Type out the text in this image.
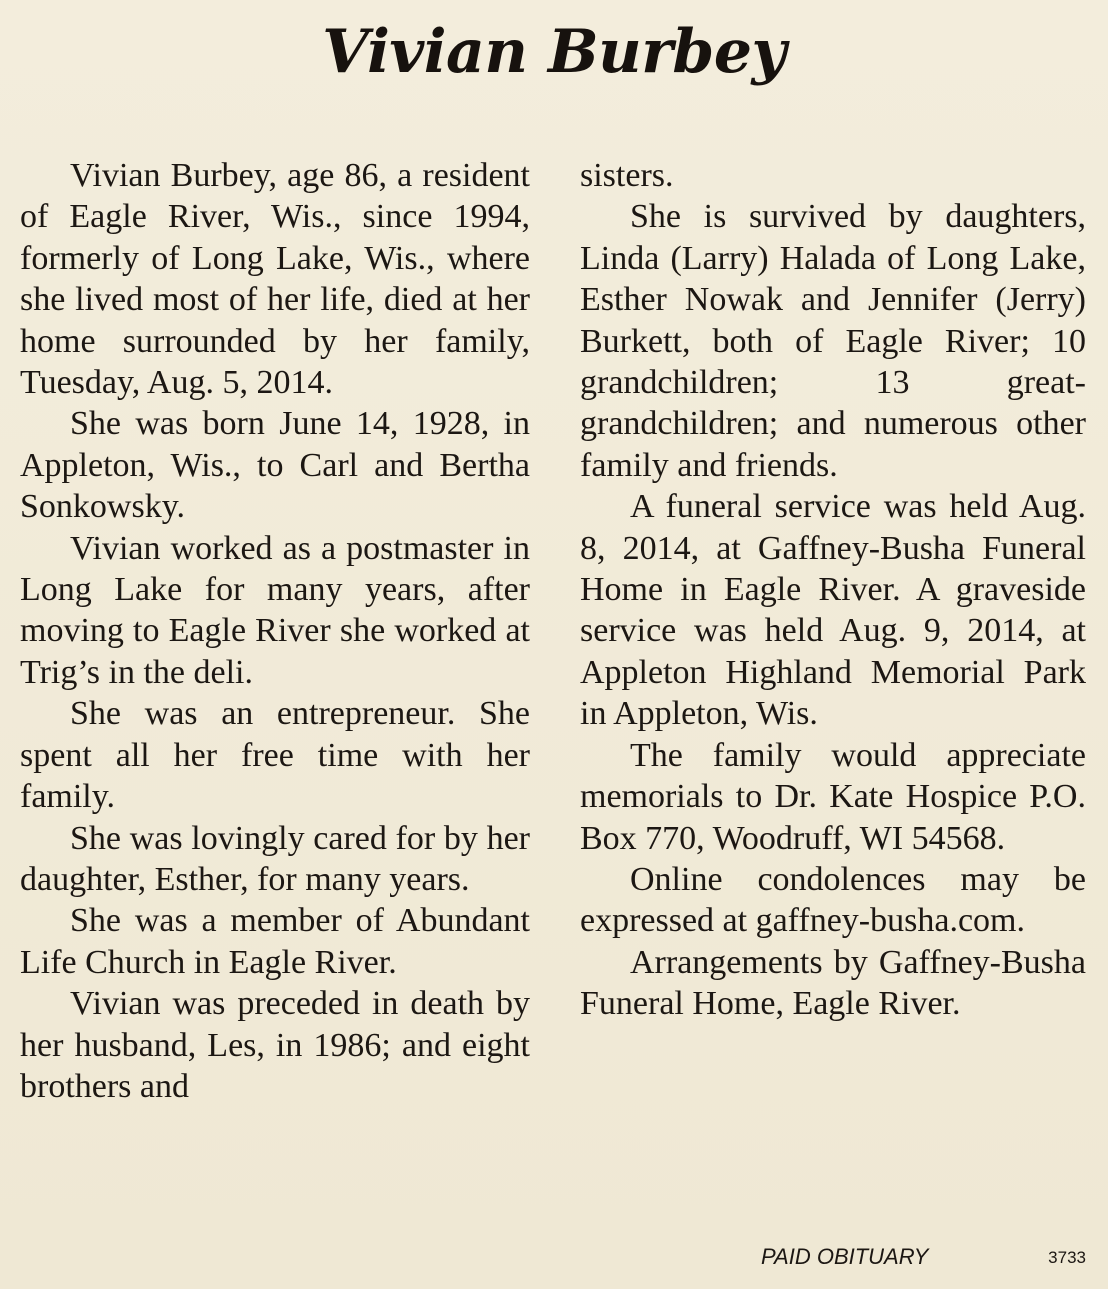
Vivian Burbey

Vivian Burbey, age 86, a resident of Eagle River, Wis., since 1994, formerly of Long Lake, Wis., where she lived most of her life, died at her home surrounded by her family, Tuesday, Aug. 5, 2014.

She was born June 14, 1928, in Appleton, Wis., to Carl and Bertha Sonkowsky.

Vivian worked as a postmaster in Long Lake for many years, after moving to Eagle River she worked at Trig’s in the deli.

She was an entrepreneur. She spent all her free time with her family.

She was lovingly cared for by her daughter, Esther, for many years.

She was a member of Abundant Life Church in Eagle River.

Vivian was preceded in death by her husband, Les, in 1986; and eight brothers and

sisters.

She is survived by daughters, Linda (Larry) Halada of Long Lake, Esther Nowak and Jennifer (Jerry) Burkett, both of Eagle River; 10 grandchildren; 13 great-grandchildren; and numerous other family and friends.

A funeral service was held Aug. 8, 2014, at Gaffney-Busha Funeral Home in Eagle River. A graveside service was held Aug. 9, 2014, at Appleton Highland Memorial Park in Appleton, Wis.

The family would appreciate memorials to Dr. Kate Hospice P.O. Box 770, Woodruff, WI 54568.

Online condolences may be expressed at gaffney-busha.com.

Arrangements by Gaffney-Busha Funeral Home, Eagle River.

PAID OBITUARY	3733
